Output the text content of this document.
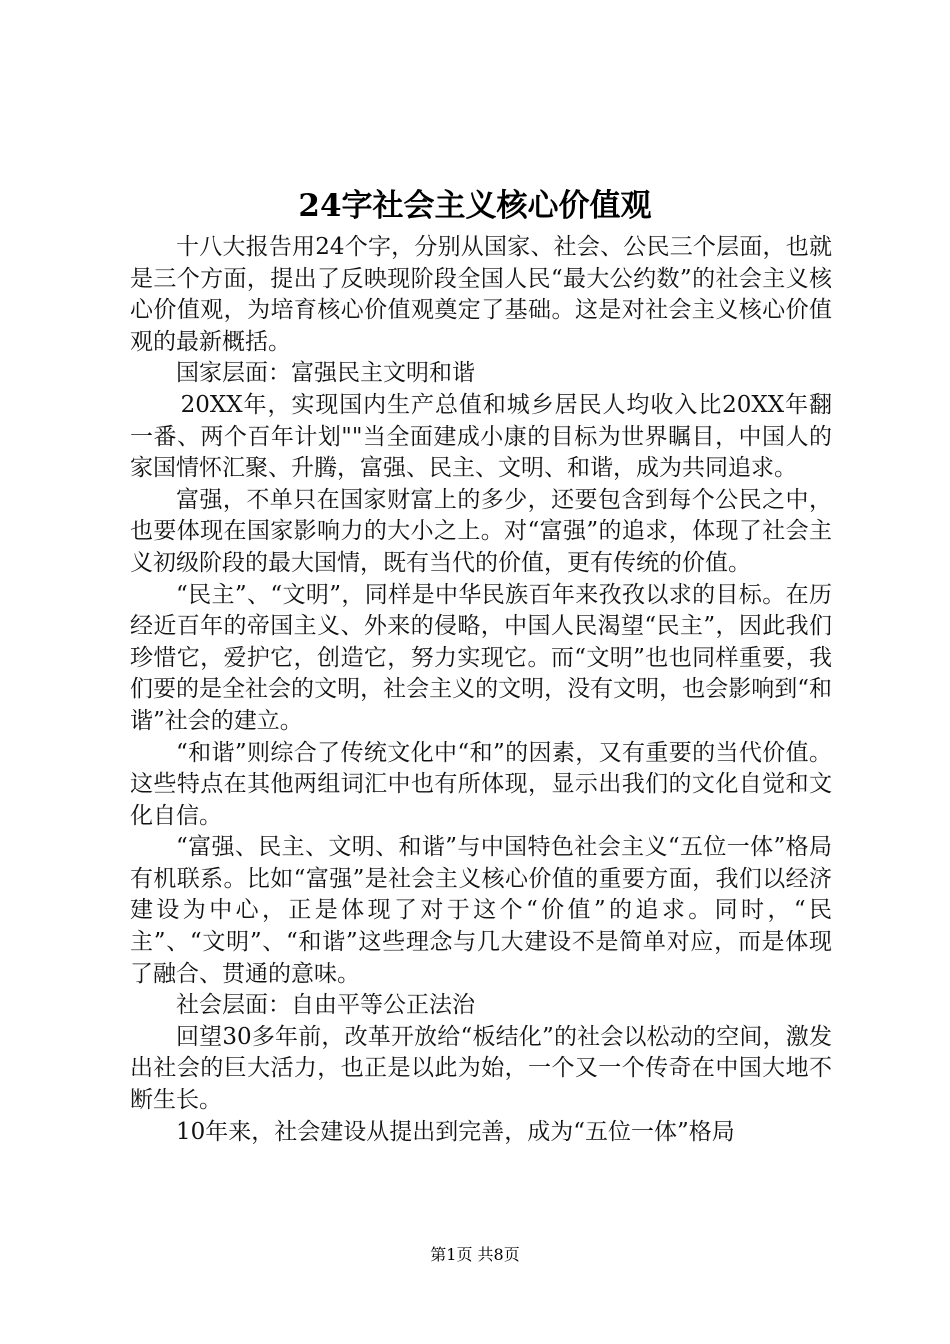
24字社会主义核心价值观

十八大报告用24个字，分别从国家、社会、公民三个层面，也就是三个方面，提出了反映现阶段全国人民“最大公约数”的社会主义核心价值观，为培育核心价值观奠定了基础。这是对社会主义核心价值观的最新概括。

国家层面：富强民主文明和谐

20XX年，实现国内生产总值和城乡居民人均收入比20XX年翻一番、两个百年计划""当全面建成小康的目标为世界瞩目，中国人的家国情怀汇聚、升腾，富强、民主、文明、和谐，成为共同追求。

富强，不单只在国家财富上的多少，还要包含到每个公民之中，也要体现在国家影响力的大小之上。对“富强”的追求，体现了社会主义初级阶段的最大国情，既有当代的价值，更有传统的价值。

“民主”、“文明”，同样是中华民族百年来孜孜以求的目标。在历经近百年的帝国主义、外来的侵略，中国人民渴望“民主”，因此我们珍惜它，爱护它，创造它，努力实现它。而“文明”也也同样重要，我们要的是全社会的文明，社会主义的文明，没有文明，也会影响到“和谐”社会的建立。

“和谐”则综合了传统文化中“和”的因素，又有重要的当代价值。这些特点在其他两组词汇中也有所体现，显示出我们的文化自觉和文化自信。

“富强、民主、文明、和谐”与中国特色社会主义“五位一体”格局有机联系。比如“富强”是社会主义核心价值的重要方面，我们以经济建设为中心，正是体现了对于这个“价值”的追求。同时，“民主”、“文明”、“和谐”这些理念与几大建设不是简单对应，而是体现了融合、贯通的意味。

社会层面：自由平等公正法治

回望30多年前，改革开放给“板结化”的社会以松动的空间，激发出社会的巨大活力，也正是以此为始，一个又一个传奇在中国大地不断生长。

10年来，社会建设从提出到完善，成为“五位一体”格局

第1页 共8页
